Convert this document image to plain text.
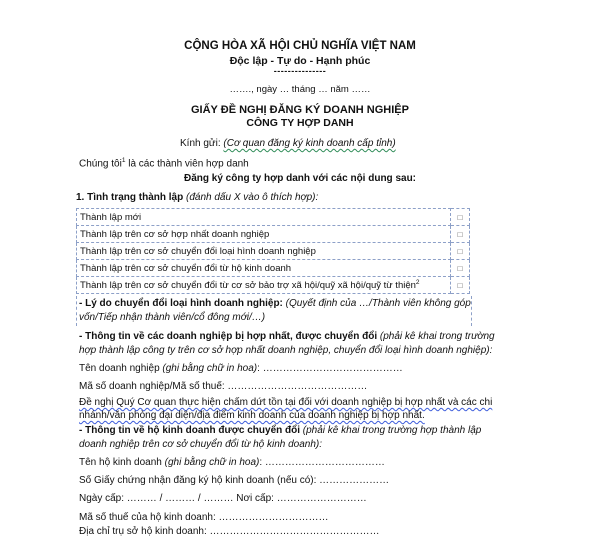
CỘNG HÒA XÃ HỘI CHỦ NGHĨA VIỆT NAM
Độc lập - Tự do - Hạnh phúc
---------------
……., ngày … tháng … năm ……
GIẤY ĐỀ NGHỊ ĐĂNG KÝ DOANH NGHIỆP
CÔNG TY HỢP DANH
Kính gửi: (Cơ quan đăng ký kinh doanh cấp tỉnh)
Chúng tôi$^1$ là các thành viên hợp danh
Đăng ký công ty hợp danh với các nội dung sau:
1. Tình trạng thành lập (đánh dấu X vào ô thích hợp):
Thành lập mới	□
Thành lập trên cơ sở hợp nhất doanh nghiệp	□
Thành lập trên cơ sở chuyển đổi loại hình doanh nghiệp	□
Thành lập trên cơ sở chuyển đổi từ hộ kinh doanh	□
Thành lập trên cơ sở chuyển đổi từ cơ sở bảo trợ xã hội/quỹ xã hội/quỹ từ thiện$^2$	□
- Lý do chuyển đổi loại hình doanh nghiệp: (Quyết định của …/Thành viên không góp
vốn/Tiếp nhận thành viên/cổ đông mới/…)
- Thông tin về các doanh nghiệp bị hợp nhất, được chuyển đổi (phải kê khai trong trường
hợp thành lập công ty trên cơ sở hợp nhất doanh nghiệp, chuyển đổi loại hình doanh nghiệp):
Tên doanh nghiệp (ghi bằng chữ in hoa): ……………………………………
Mã số doanh nghiệp/Mã số thuế: ……………………………………
Đề nghị Quý Cơ quan thực hiện chấm dứt tồn tại đối với doanh nghiệp bị hợp nhất và các chi
nhánh/văn phòng đại diện/địa điểm kinh doanh của doanh nghiệp bị hợp nhất.
- Thông tin về hộ kinh doanh được chuyển đổi (phải kê khai trong trường hợp thành lập
doanh nghiệp trên cơ sở chuyển đổi từ hộ kinh doanh):
Tên hộ kinh doanh (ghi bằng chữ in hoa): ………………………………
Số Giấy chứng nhận đăng ký hộ kinh doanh (nếu có): …………………
Ngày cấp: ……… / ……… / ……… Nơi cấp: ………………………
Mã số thuế của hộ kinh doanh: ……………………………
Địa chỉ trụ sở hộ kinh doanh: ……………………………………………
